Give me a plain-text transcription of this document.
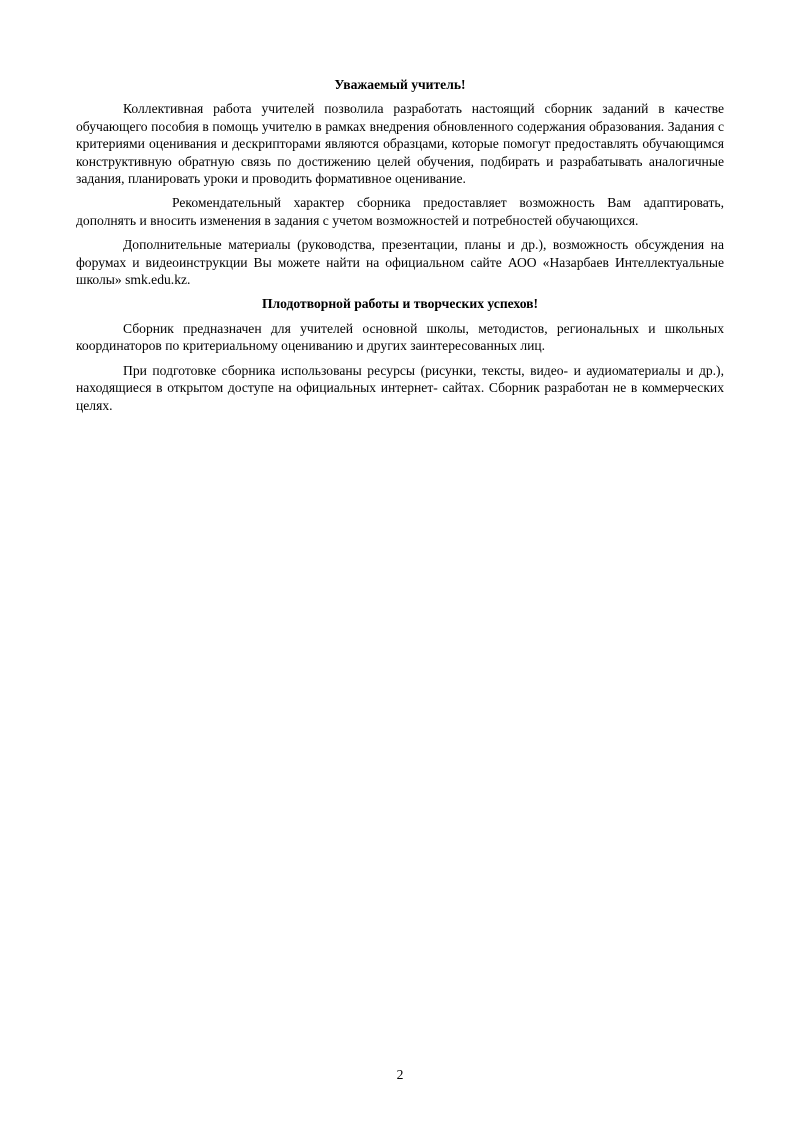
Уважаемый учитель!

Коллективная работа учителей позволила разработать настоящий сборник заданий в качестве обучающего пособия в помощь учителю в рамках внедрения обновленного содержания образования. Задания с критериями оценивания и дескрипторами являются образцами, которые помогут предоставлять обучающимся конструктивную обратную связь по достижению целей обучения, подбирать и разрабатывать аналогичные задания, планировать уроки и проводить формативное оценивание.

Рекомендательный характер сборника предоставляет возможность Вам адаптировать, дополнять и вносить изменения в задания с учетом возможностей и потребностей обучающихся.

Дополнительные материалы (руководства, презентации, планы и др.), возможность обсуждения на форумах и видеоинструкции Вы можете найти на официальном сайте АОО «Назарбаев Интеллектуальные школы» smk.edu.kz.

Плодотворной работы и творческих успехов!

Сборник предназначен для учителей основной школы, методистов, региональных и школьных координаторов по критериальному оцениванию и других заинтересованных лиц.

При подготовке сборника использованы ресурсы (рисунки, тексты, видео- и аудиоматериалы и др.), находящиеся в открытом доступе на официальных интернет- сайтах. Сборник разработан не в коммерческих целях.

2
